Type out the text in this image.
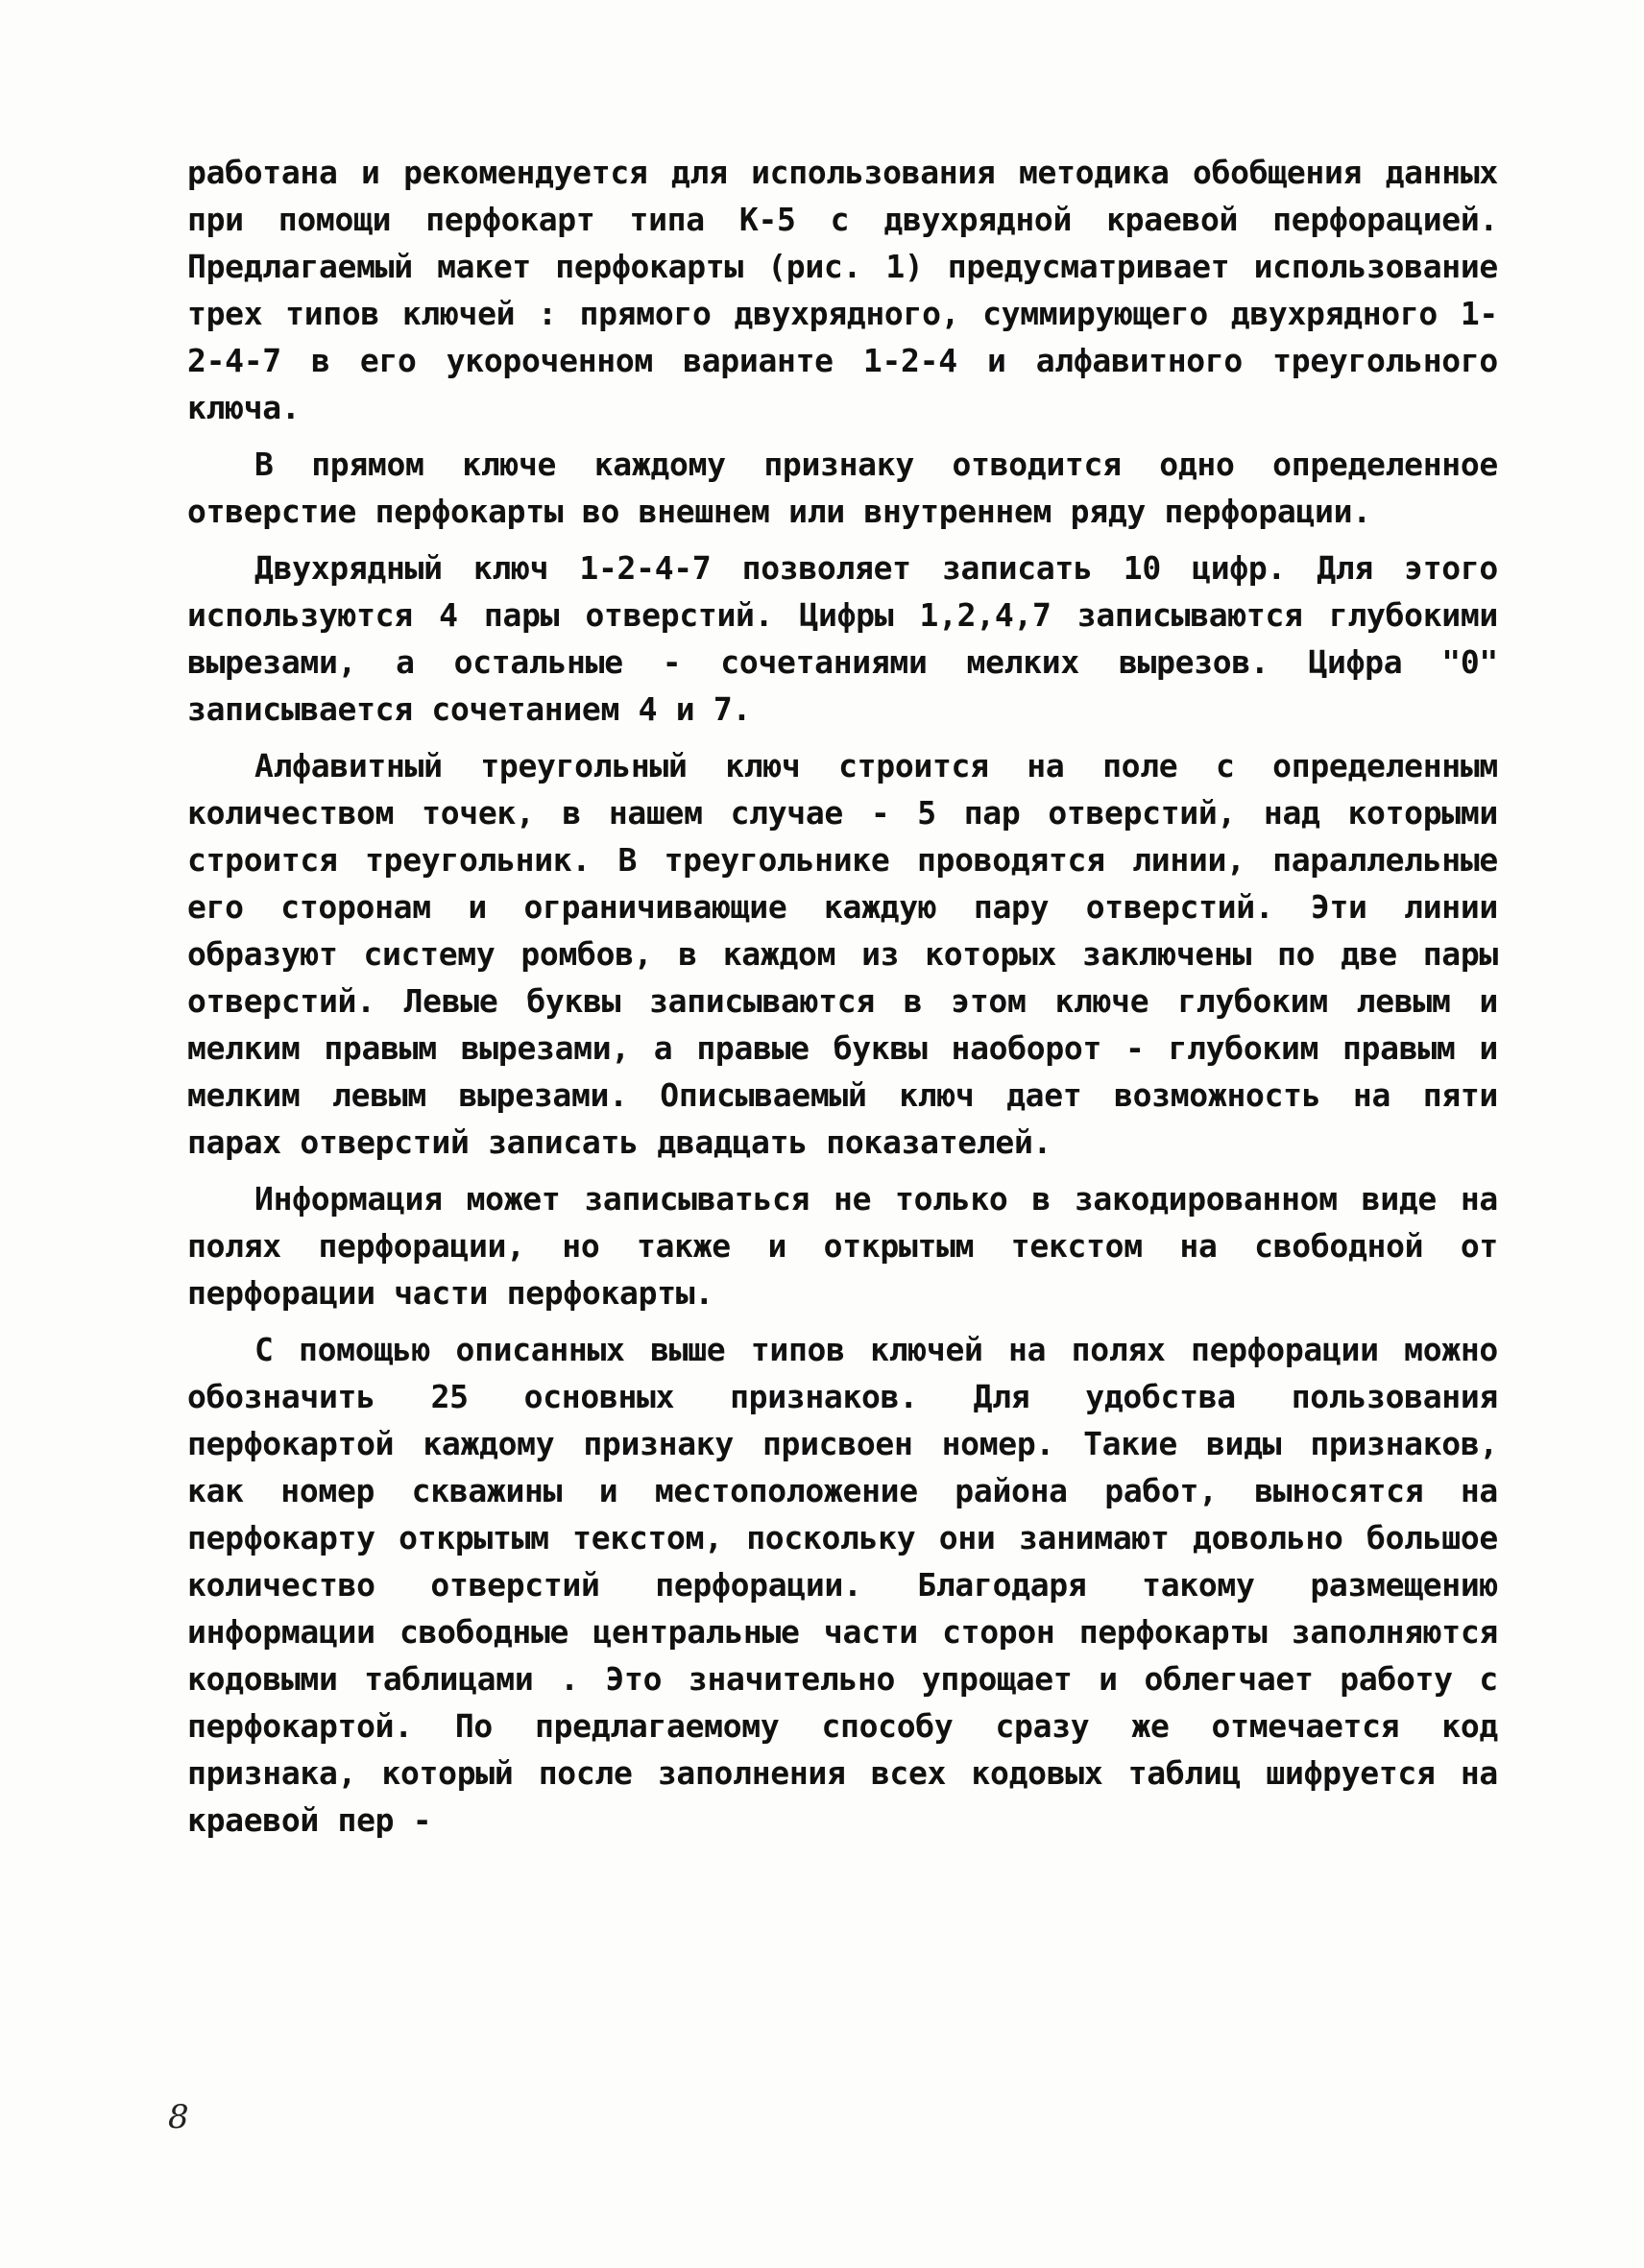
работана и рекомендуется для использования методика обобщения данных при помощи перфокарт типа К-5 с двухрядной краевой перфорацией. Предлагаемый макет перфокарты (рис. 1) предусматривает использование трех типов ключей : прямого двухрядного, суммирующего двухрядного 1-2-4-7 в его укороченном варианте 1-2-4 и алфавитного треугольного ключа.

В прямом ключе каждому признаку отводится одно определенное отверстие перфокарты во внешнем или внутреннем ряду перфорации.

Двухрядный ключ 1-2-4-7 позволяет записать 10 цифр. Для этого используются 4 пары отверстий. Цифры 1,2,4,7 записываются глубокими вырезами, а остальные - сочетаниями мелких вырезов. Цифра "0" записывается сочетанием 4 и 7.

Алфавитный треугольный ключ строится на поле с определенным количеством точек, в нашем случае - 5 пар отверстий, над которыми строится треугольник. В треугольнике проводятся линии, параллельные его сторонам и ограничивающие каждую пару отверстий. Эти линии образуют систему ромбов, в каждом из которых заключены по две пары отверстий. Левые буквы записываются в этом ключе глубоким левым и мелким правым вырезами, а правые буквы наоборот - глубоким правым и мелким левым вырезами. Описываемый ключ дает возможность на пяти парах отверстий записать двадцать показателей.

Информация может записываться не только в закодированном виде на полях перфорации, но также и открытым текстом на свободной от перфорации части перфокарты.

С помощью описанных выше типов ключей на полях перфорации можно обозначить 25 основных признаков. Для удобства пользования перфокартой каждому признаку присвоен номер. Такие виды признаков, как номер скважины и местоположение района работ, выносятся на перфокарту открытым текстом, поскольку они занимают довольно большое количество отверстий перфорации. Благодаря такому размещению информации свободные центральные части сторон перфокарты заполняются кодовыми таблицами . Это значительно упрощает и облегчает работу с перфокартой. По предлагаемому способу сразу же отмечается код признака, который после заполнения всех кодовых таблиц шифруется на краевой пер -

8
